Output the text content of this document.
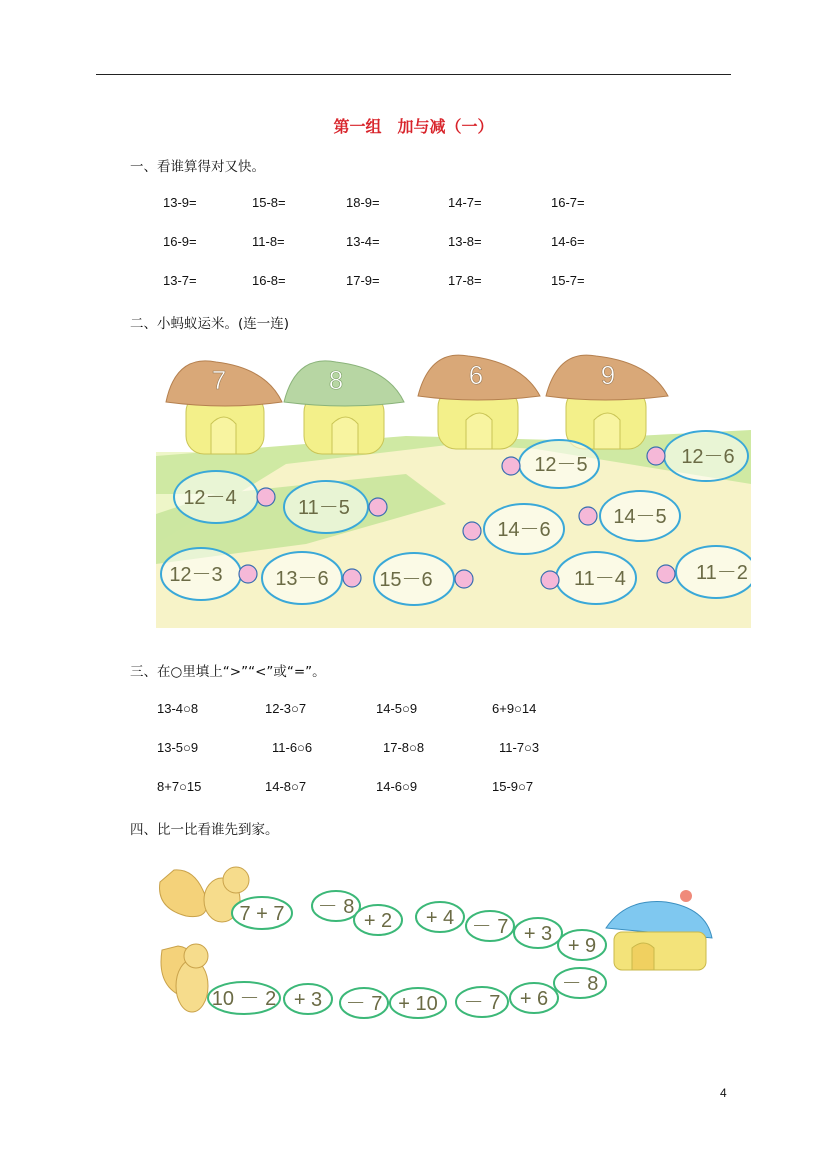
第一组　加与减（一）
一、看谁算得对又快。
13-9=	15-8=	18-9=	14-7=	16-7=
16-9=	11-8=	13-4=	13-8=	14-6=
13-7=	16-8=	17-9=	17-8=	15-7=
二、小蚂蚁运米。(连一连)
7	8	6	9
12－5	12－6
12－4	11－5
14－6
14－5
12－3	13－6	15－6	11－4	11－2
三、在○里填上“>”“<”或“=”。
13-4○8	12-3○7	14-5○9	6+9○14
13-5○9	11-6○6	17-8○8	11-7○3
8+7○15	14-8○7	14-6○9	15-9○7
四、比一比看谁先到家。
7 + 7 － 8
+ 2 + 4 － 7 + 3
+ 9
10 － 2 + 3 － 7 + 10 － 7 + 6
－ 8
4
